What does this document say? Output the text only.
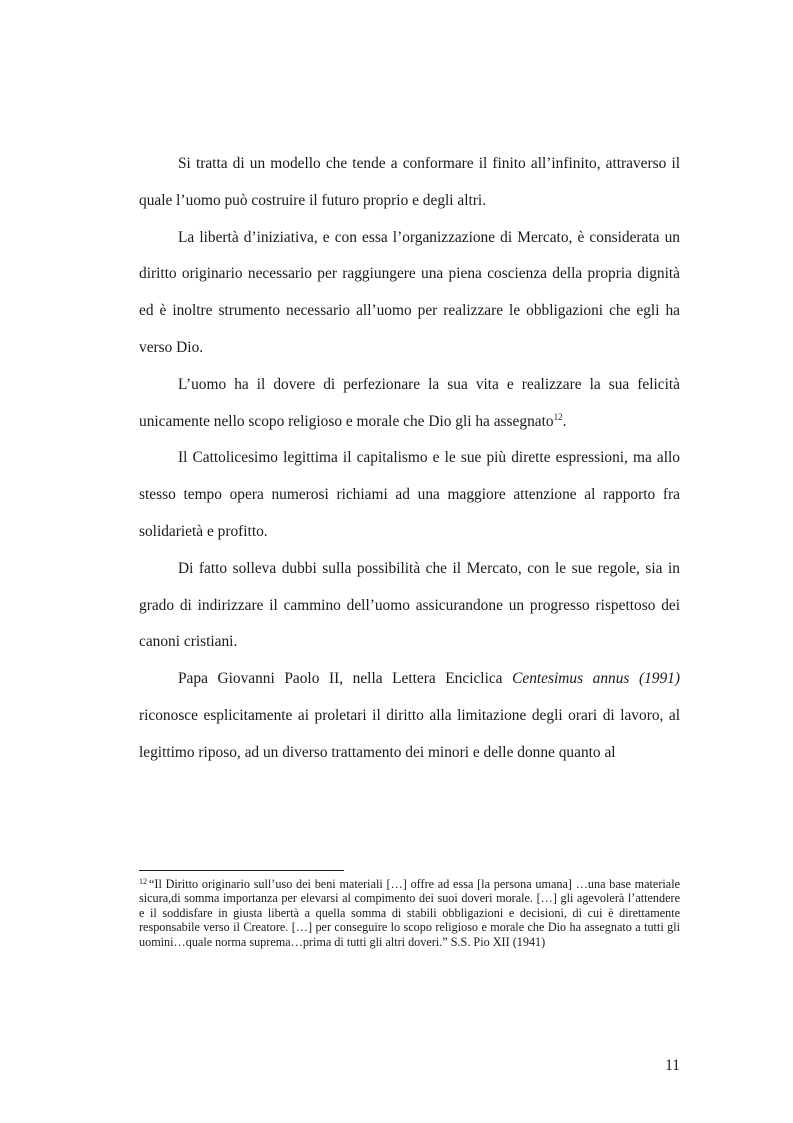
Si tratta di un modello che tende a conformare il finito all’infinito, attraverso il quale l’uomo può costruire il futuro proprio e degli altri.

La libertà d’iniziativa, e con essa l’organizzazione di Mercato, è considerata un diritto originario necessario per raggiungere una piena coscienza della propria dignità ed è inoltre strumento necessario all’uomo per realizzare le obbligazioni che egli ha verso Dio.

L’uomo ha il dovere di perfezionare la sua vita e realizzare la sua felicità unicamente nello scopo religioso e morale che Dio gli ha assegnato$^{12}$.

Il Cattolicesimo legittima il capitalismo e le sue più dirette espressioni, ma allo stesso tempo opera numerosi richiami ad una maggiore attenzione al rapporto fra solidarietà e profitto.

Di fatto solleva dubbi sulla possibilità che il Mercato, con le sue regole, sia in grado di indirizzare il cammino dell’uomo assicurandone un progresso rispettoso dei canoni cristiani.

Papa Giovanni Paolo II, nella Lettera Enciclica Centesimus annus (1991) riconosce esplicitamente ai proletari il diritto alla limitazione degli orari di lavoro, al legittimo riposo, ad un diverso trattamento dei minori e delle donne quanto al

$^{12}$ “Il Diritto originario sull’uso dei beni materiali […] offre ad essa [la persona umana] …una base materiale sicura,di somma importanza per elevarsi al compimento dei suoi doveri morale. […] gli agevolerà l’attendere e il soddisfare in giusta libertà a quella somma di stabili obbligazioni e decisioni, di cui è direttamente responsabile verso il Creatore. […] per conseguire lo scopo religioso e morale che Dio ha assegnato a tutti gli uomini…quale norma suprema…prima di tutti gli altri doveri.” S.S. Pio XII (1941)
11
